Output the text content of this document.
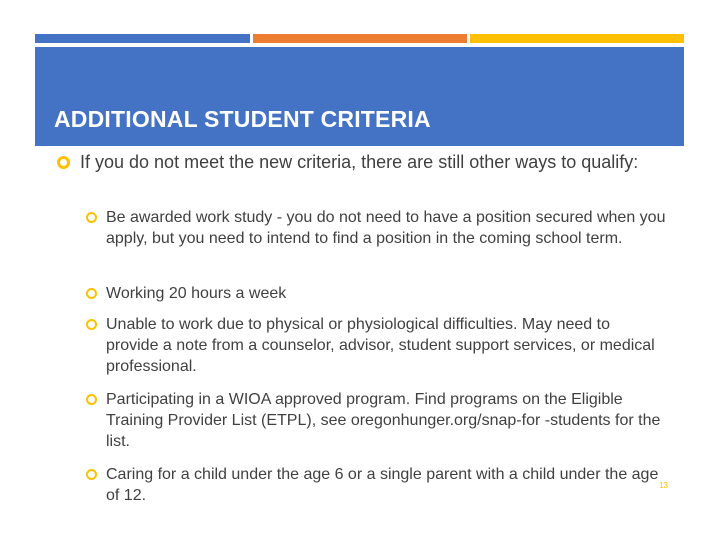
ADDITIONAL STUDENT CRITERIA
If you do not meet the new criteria, there are still other ways to qualify:
Be awarded work study - you do not need to have a position secured when you apply, but you need to intend to find a position in the coming school term.
Working 20 hours a week
Unable to work due to physical or physiological difficulties. May need to provide a note from a counselor, advisor, student support services, or medical professional.
Participating in a WIOA approved program. Find programs on the Eligible Training Provider List (ETPL), see oregonhunger.org/snap-for -students for the list.
Caring for a child under the age 6 or a single parent with a child under the age of 12.
13
